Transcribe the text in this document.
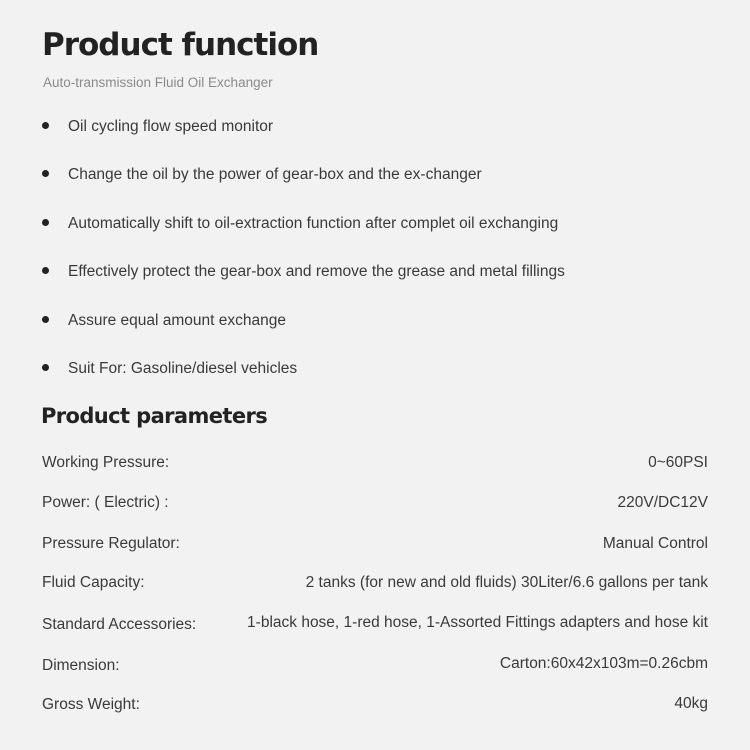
Product function

Auto-transmission Fluid Oil Exchanger

Oil cycling flow speed monitor
Change the oil by the power of gear-box and the ex-changer
Automatically shift to oil-extraction function after complet oil exchanging
Effectively protect the gear-box and remove the grease and metal fillings
Assure equal amount exchange
Suit For: Gasoline/diesel vehicles
Product parameters
Working Pressure:	0~60PSI
Power: ( Electric) :	220V/DC12V
Pressure Regulator:	Manual Control
Fluid Capacity:	2 tanks (for new and old fluids) 30Liter/6.6 gallons per tank
Standard Accessories:	1-black hose, 1-red hose, 1-Assorted Fittings adapters and hose kit
Dimension:	Carton:60x42x103m=0.26cbm
Gross Weight:	40kg
